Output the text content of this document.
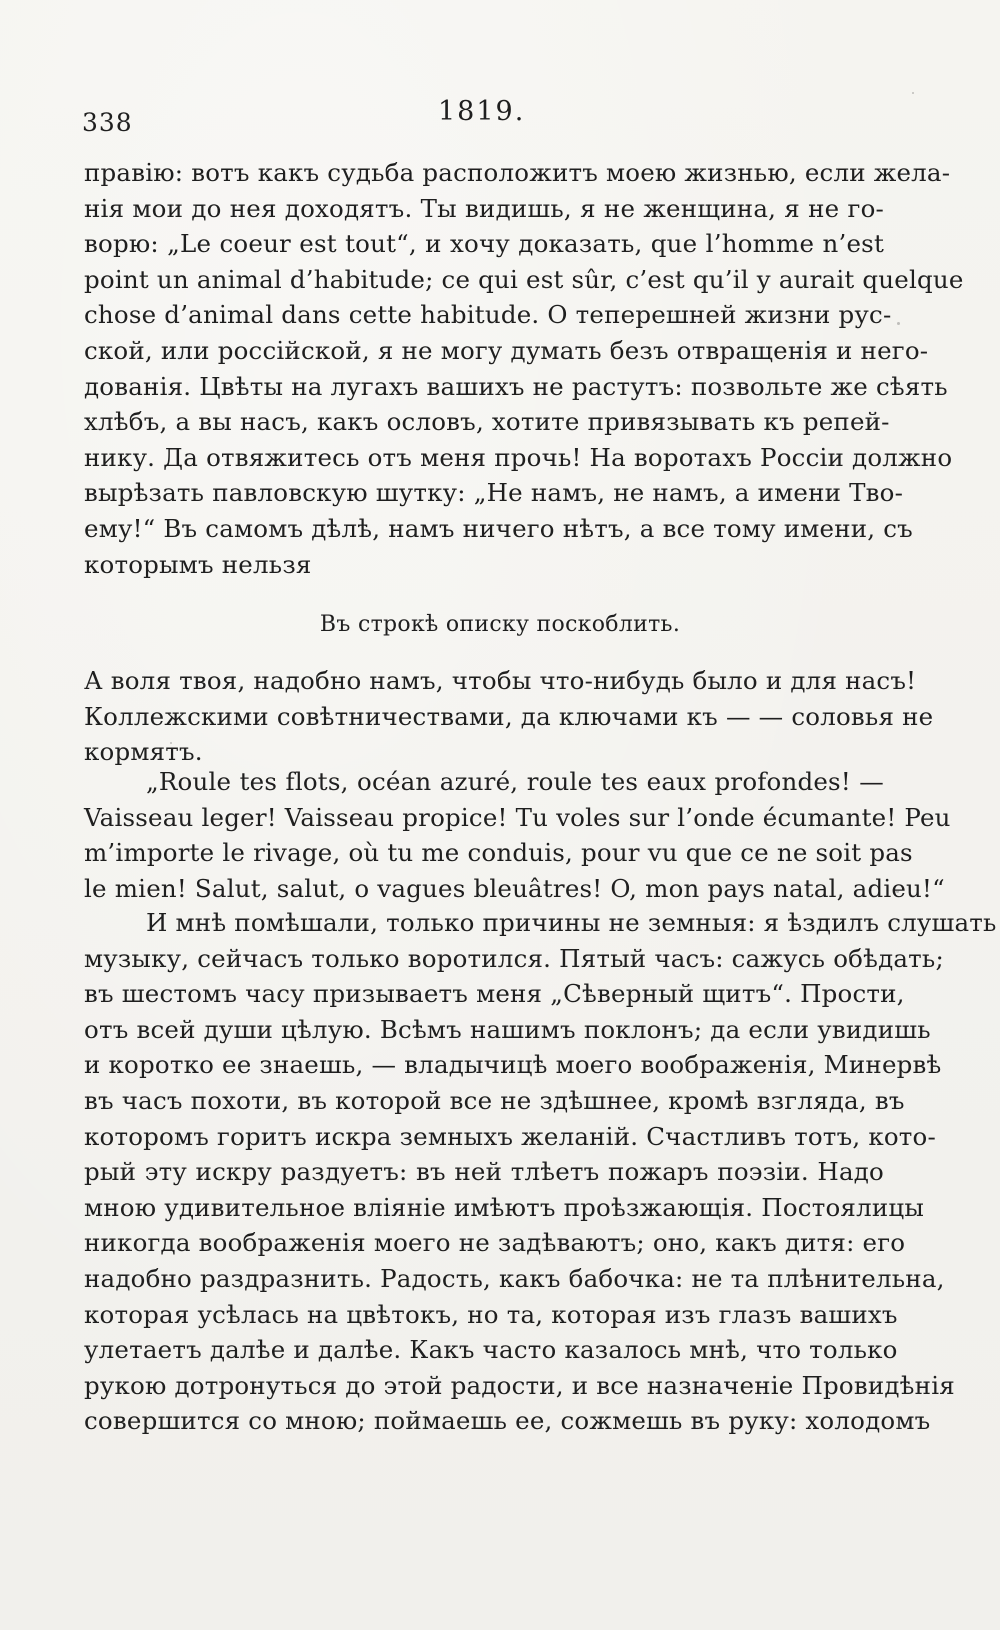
338	1819.
правiю: вотъ какъ судьба расположитъ моею жизнью, если жела-
нiя мои до нея доходятъ. Ты видишь, я не женщина, я не го-
ворю: „Le coeur est tout“, и хочу доказать, que l’homme n’est
point un animal d’habitude; ce qui est sûr, c’est qu’il y aurait quelque
chose d’animal dans cette habitude. О теперешней жизни рус-
ской, или россiйской, я не могу думать безъ отвращенiя и него-
дованiя. Цвѣты на лугахъ вашихъ не растутъ: позвольте же сѣять
хлѣбъ, а вы насъ, какъ ословъ, хотите привязывать къ репей-
нику. Да отвяжитесь отъ меня прочь! На воротахъ Россiи должно
вырѣзать павловскую шутку: „Не намъ, не намъ, а имени Тво-
ему!“ Въ самомъ дѣлѣ, намъ ничего нѣтъ, а все тому имени, съ
которымъ нельзя
Въ строкѣ описку поскоблить.
А воля твоя, надобно намъ, чтобы что-нибудь было и для насъ!
Коллежскими совѣтничествами, да ключами къ — — соловья не
кормятъ.
„Roule tes flots, océan azuré, roule tes eaux profondes! —
Vaisseau leger! Vaisseau propice! Tu voles sur l’onde écumante! Peu
m’importe le rivage, où tu me conduis, pour vu que ce ne soit pas
le mien! Salut, salut, o vagues bleuâtres! O, mon pays natal, adieu!“
И мнѣ помѣшали, только причины не земныя: я ѣздилъ слушать
музыку, сейчасъ только воротился. Пятый часъ: сажусь обѣдать;
въ шестомъ часу призываетъ меня „Сѣверный щитъ“. Прости,
отъ всей души цѣлую. Всѣмъ нашимъ поклонъ; да если увидишь
и коротко ее знаешь, — владычицѣ моего воображенiя, Минервѣ
въ часъ похоти, въ которой все не здѣшнее, кромѣ взгляда, въ
которомъ горитъ искра земныхъ желанiй. Счастливъ тотъ, кото-
рый эту искру раздуетъ: въ ней тлѣетъ пожаръ поэзiи. Надо
мною удивительное влiянiе имѣютъ проѣзжающiя. Постоялицы
никогда воображенiя моего не задѣваютъ; оно, какъ дитя: его
надобно раздразнить. Радость, какъ бабочка: не та плѣнительна,
которая усѣлась на цвѣтокъ, но та, которая изъ глазъ вашихъ
улетаетъ далѣе и далѣе. Какъ часто казалось мнѣ, что только
рукою дотронуться до этой радости, и все назначенiе Провидѣнiя
совершится со мною; поймаешь ее, сожмешь въ руку: холодомъ
